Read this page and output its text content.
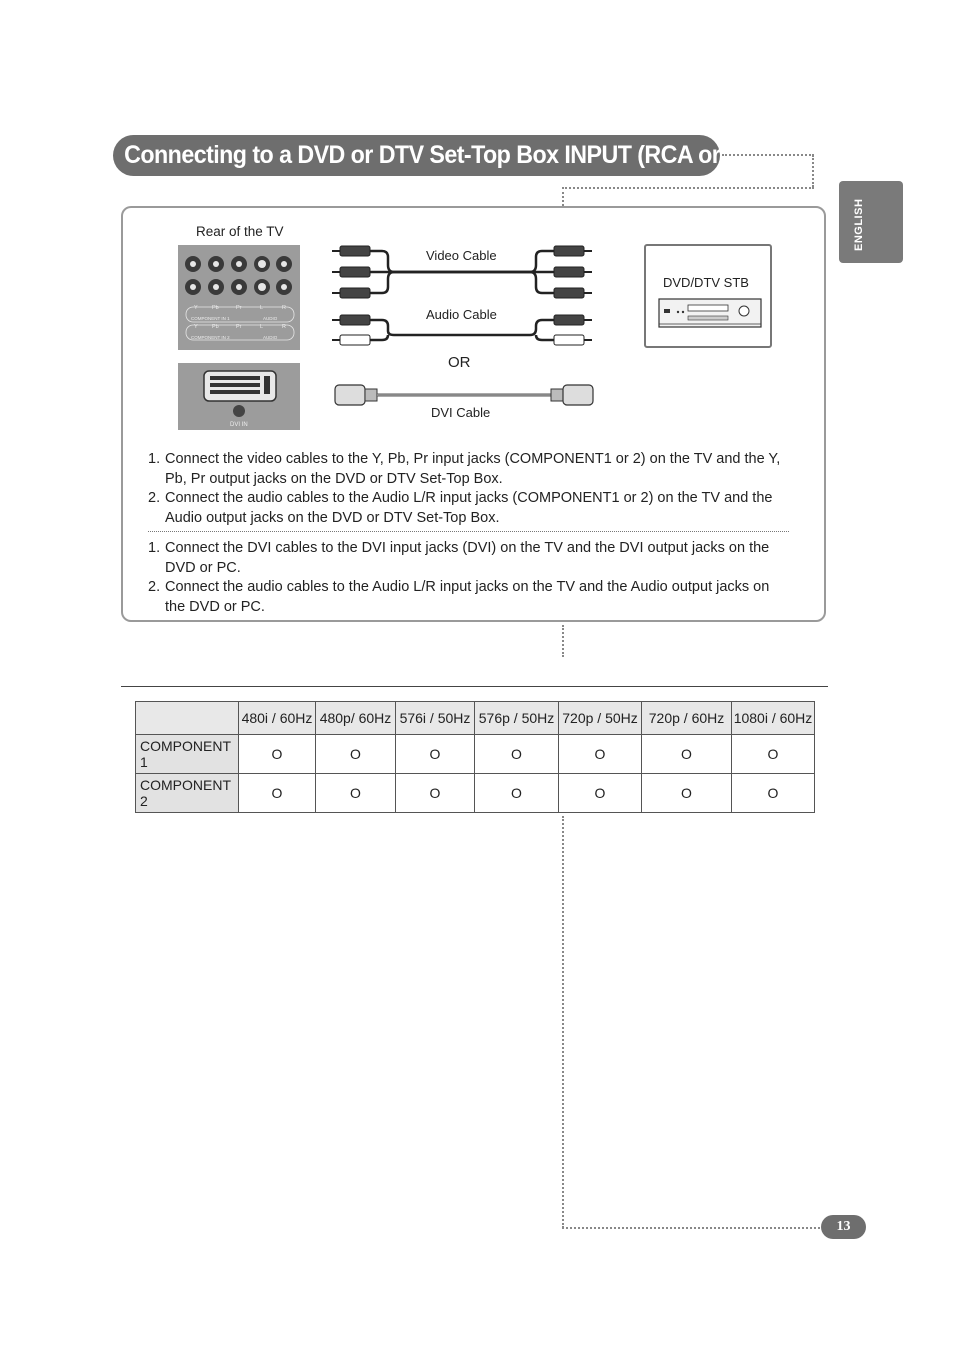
Connecting to a DVD or DTV Set-Top Box INPUT (RCA or DVI)
ENGLISH
Rear of the TV
Y	Pb	Pr	L	R
COMPONENT IN 1	AUDIO
Y	Pb	Pr	L	R
COMPONENT IN 2	AUDIO
DVI IN
Video Cable
Audio Cable
OR
DVI Cable
DVD/DTV STB
1. Connect the video cables to the Y, Pb, Pr input jacks (COMPONENT1 or 2) on the TV and the Y, Pb, Pr output jacks on the DVD or DTV Set-Top Box.
2. Connect the audio cables to the Audio L/R input jacks (COMPONENT1 or 2) on the TV and the Audio output jacks on the DVD or DTV Set-Top Box.
1. Connect the DVI cables to the DVI input jacks (DVI) on the TV and the DVI output jacks on the DVD or PC.
2. Connect the audio cables to the Audio L/R input jacks on the TV and the Audio output jacks on the DVD or PC.
	480i / 60Hz	480p/ 60Hz	576i / 50Hz	576p / 50Hz	720p / 50Hz	720p / 60Hz	1080i / 60Hz
COMPONENT 1	O	O	O	O	O	O	O
COMPONENT 2	O	O	O	O	O	O	O
13
